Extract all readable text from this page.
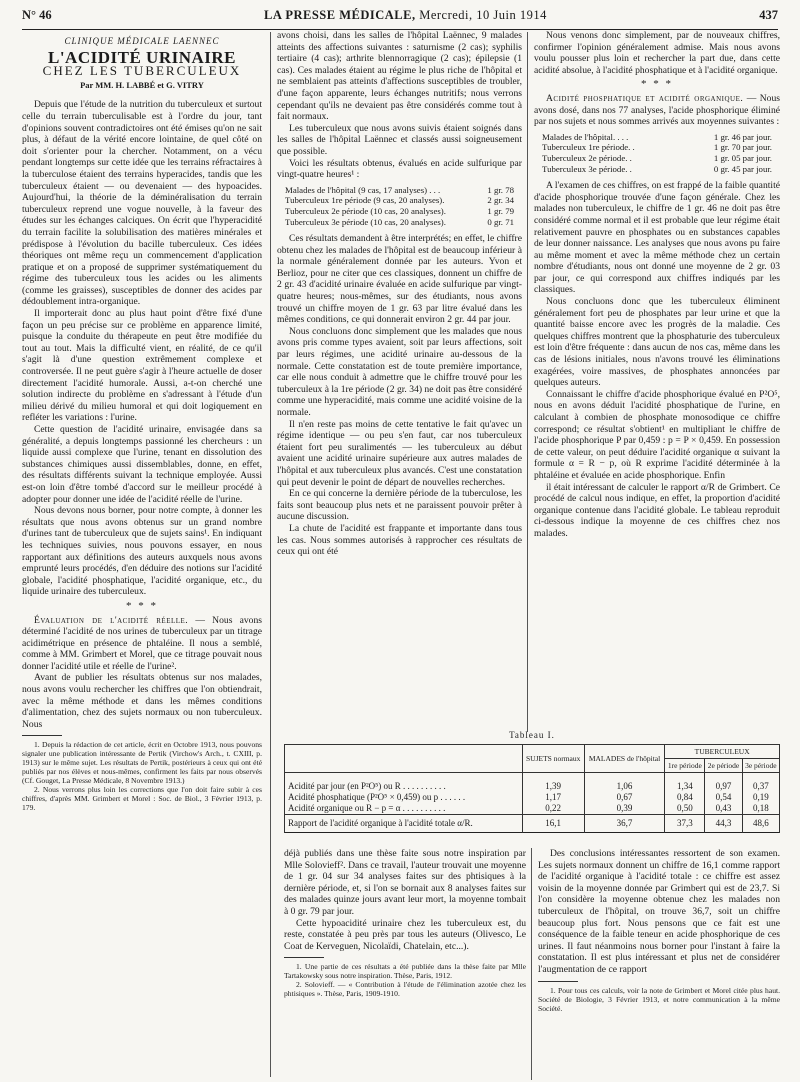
N° 46	LA PRESSE MÉDICALE, Mercredi, 10 Juin 1914	437
CLINIQUE MÉDICALE LAENNEC
L'ACIDITÉ URINAIRE
CHEZ LES TUBERCULEUX
Par MM. H. LABBÉ et G. VITRY

Depuis que l'étude de la nutrition du tuberculeux et surtout celle du terrain tuberculisable est à l'ordre du jour, tant d'opinions souvent contradictoires ont été émises qu'on ne sait plus, à défaut de la vérité encore lointaine, de quel côté on doit s'orienter pour la chercher. Notamment, on a vécu pendant longtemps sur cette idée que les terrains réfractaires à la tuberculose étaient des terrains hyperacides, tandis que les tuberculeux étaient — ou devenaient — des hypoacides. Aujourd'hui, la théorie de la déminéralisation du terrain tuberculeux reprend une vogue nouvelle, à la faveur des études sur les échanges calciques. On écrit que l'hyperacidité du terrain facilite la solubilisation des matières minérales et prédispose à l'évolution du bacille tuberculeux. Ces idées théoriques ont même reçu un commencement d'application pratique et on a proposé de supprimer systématiquement du régime des tuberculeux tous les acides ou les aliments (comme les graisses), susceptibles de donner des acides par dédoublement intra-organique.

Il importerait donc au plus haut point d'être fixé d'une façon un peu précise sur ce problème en apparence limité, puisque la conduite du thérapeute en peut être modifiée du tout au tout. Mais la difficulté vient, en réalité, de ce qu'il s'agit là d'une question extrêmement complexe et controversée. Il ne peut guère s'agir à l'heure actuelle de doser directement l'acidité humorale. Aussi, a-t-on cherché une solution indirecte du problème en s'adressant à l'étude d'un milieu dérivé du milieu humoral et qui doit logiquement en refléter les variations : l'urine.

Cette question de l'acidité urinaire, envisagée dans sa généralité, a depuis longtemps passionné les chercheurs : un liquide aussi complexe que l'urine, tenant en dissolution des substances chimiques aussi dissemblables, donne, en effet, des résultats différents suivant la technique employée. Aussi est-on loin d'être tombé d'accord sur le meilleur procédé à adopter pour donner une idée de l'acidité réelle de l'urine.

Nous devons nous borner, pour notre compte, à donner les résultats que nous avons obtenus sur un grand nombre d'urines tant de tuberculeux que de sujets sains¹. En indiquant les techniques suivies, nous pouvons essayer, en nous rapportant aux définitions des auteurs auxquels nous avons emprunté leurs procédés, d'en déduire des notions sur l'acidité globale, l'acidité phosphatique, l'acidité organique, etc., du liquide urinaire des tuberculeux.

* * *

Évaluation de l'acidité réelle. — Nous avons déterminé l'acidité de nos urines de tuberculeux par un titrage acidimétrique en présence de phtaléine. Il nous a semblé, comme à MM. Grimbert et Morel, que ce titrage pouvait nous donner l'acidité utile et réelle de l'urine².

Avant de publier les résultats obtenus sur nos malades, nous avons voulu rechercher les chiffres que l'on obtiendrait, avec la même méthode et dans les mêmes conditions d'alimentation, chez des sujets normaux ou non tuberculeux. Nous

1. Depuis la rédaction de cet article, écrit en Octobre 1913, nous pouvons signaler une publication intéressante de Pertik (Virchow's Arch., t. CXIII, p. 1913) sur le même sujet. Les résultats de Pertik, postérieurs à ceux qui ont été publiés par nos élèves et nous-mêmes, confirment les faits par nous observés (Cf. Gouget, La Presse Médicale, 8 Novembre 1913.)

2. Nous verrons plus loin les corrections que l'on doit faire subir à ces chiffres, d'après MM. Grimbert et Morel : Soc. de Biol., 3 Février 1913, p. 179.

avons choisi, dans les salles de l'hôpital Laënnec, 9 malades atteints des affections suivantes : saturnisme (2 cas); syphilis tertiaire (4 cas); arthrite blennorragique (2 cas); épilepsie (1 cas). Ces malades étaient au régime le plus riche de l'hôpital et ne semblaient pas atteints d'affections susceptibles de troubler, d'une façon apparente, leurs échanges nutritifs; nous verrons cependant qu'ils ne devaient pas être considérés comme tout à fait normaux.

Les tuberculeux que nous avons suivis étaient soignés dans les salles de l'hôpital Laënnec et classés aussi soigneusement que possible.

Voici les résultats obtenus, évalués en acide sulfurique par vingt-quatre heures¹ :

Malades de l'hôpital (9 cas, 17 analyses) . . .	1 gr. 78
Tuberculeux 1re période (9 cas, 20 analyses).	2 gr. 34
Tuberculeux 2e période (10 cas, 20 analyses).	1 gr. 79
Tuberculeux 3e période (10 cas, 20 analyses).	0 gr. 71

Ces résultats demandent à être interprétés; en effet, le chiffre obtenu chez les malades de l'hôpital est de beaucoup inférieur à la normale généralement donnée par les auteurs. Yvon et Berlioz, pour ne citer que ces classiques, donnent un chiffre de 2 gr. 43 d'acidité urinaire évaluée en acide sulfurique par vingt-quatre heures; nous-mêmes, sur des étudiants, nous avons trouvé un chiffre moyen de 1 gr. 63 par litre évalué dans les mêmes conditions, ce qui donnerait environ 2 gr. 44 par jour.

Nous concluons donc simplement que les malades que nous avons pris comme types avaient, soit par leurs affections, soit par leurs régimes, une acidité urinaire au-dessous de la normale. Cette constatation est de toute première importance, car elle nous conduit à admettre que le chiffre trouvé pour les tuberculeux à la 1re période (2 gr. 34) ne doit pas être considéré comme une hyperacidité, mais comme une acidité voisine de la normale.

Il n'en reste pas moins de cette tentative le fait qu'avec un régime identique — ou peu s'en faut, car nos tuberculeux étaient fort peu suralimentés — les tuberculeux au début avaient une acidité urinaire supérieure aux autres malades de l'hôpital et aux tuberculeux plus avancés. C'est une constatation qui peut devenir le point de départ de nouvelles recherches.

En ce qui concerne la dernière période de la tuberculose, les faits sont beaucoup plus nets et ne paraissent pouvoir prêter à aucune discussion.

La chute de l'acidité est frappante et importante dans tous les cas. Nous sommes autorisés à rapprocher ces résultats de ceux qui ont été

Nous venons donc simplement, par de nouveaux chiffres, confirmer l'opinion généralement admise. Mais nous avons voulu pousser plus loin et rechercher la part due, dans cette acidité absolue, à l'acidité phosphatique et à l'acidité organique.

* * *

Acidité phosphatique et acidité organique. — Nous avons dosé, dans nos 77 analyses, l'acide phosphorique éliminé par nos sujets et nous sommes arrivés aux moyennes suivantes :

Malades de l'hôpital. . . .	1 gr. 46 par jour.
Tuberculeux 1re période. .	1 gr. 70 par jour.
Tuberculeux 2e période. .	1 gr. 05 par jour.
Tuberculeux 3e période. .	0 gr. 45 par jour.

A l'examen de ces chiffres, on est frappé de la faible quantité d'acide phosphorique trouvée d'une façon générale. Chez les malades non tuberculeux, le chiffre de 1 gr. 46 ne doit pas être considéré comme normal et il est probable que leur régime était relativement pauvre en phosphates ou en substances capables de leur donner naissance. Les analyses que nous avons pu faire au même moment et avec la même méthode chez un certain nombre d'étudiants, nous ont donné une moyenne de 2 gr. 03 par jour, ce qui correspond aux chiffres indiqués par les classiques.

Nous concluons donc que les tuberculeux éliminent généralement fort peu de phosphates par leur urine et que la quantité baisse encore avec les progrès de la maladie. Ces quelques chiffres montrent que la phosphaturie des tuberculeux est loin d'être fréquente : dans aucun de nos cas, même dans les cas de lésions initiales, nous n'avons trouvé les éliminations exagérées, voire massives, de phosphates annoncées par quelques auteurs.

Connaissant le chiffre d'acide phosphorique évalué en P²O⁵, nous en avons déduit l'acidité phosphatique de l'urine, en calculant à combien de phosphate monosodique ce chiffre correspond; ce résultat s'obtient¹ en multipliant le chiffre de l'acide phosphorique P par 0,459 : p = P × 0,459. En possession de cette valeur, on peut déduire l'acidité organique α suivant la formule α = R − p, où R exprime l'acidité déterminée à la phtaléine et évaluée en acide phosphorique. Enfin

il était intéressant de calculer le rapport α/R de Grimbert. Ce procédé de calcul nous indique, en effet, la proportion d'acidité organique contenue dans l'acidité globale. Le tableau reproduit ci-dessous indique la moyenne de ces chiffres chez nos malades.

Tableau I.
	SUJETS normaux	MALADES de l'hôpital	TUBERCULEUX		
			1re période	2e période	3e période

Acidité par jour (en P²O⁵) ou R . . . . . . . . . .	1,39	1,06	1,34	0,97	0,37
Acidité phosphatique (P²O⁵ × 0,459) ou p . . . . . .	1,17	0,67	0,84	0,54	0,19
Acidité organique ou R − p = α . . . . . . . . . .	0,22	0,39	0,50	0,43	0,18
Rapport de l'acidité organique à l'acidité totale α/R.	16,1	36,7	37,3	44,3	48,6

déjà publiés dans une thèse faite sous notre inspiration par Mlle Solovieff². Dans ce travail, l'auteur trouvait une moyenne de 1 gr. 04 sur 34 analyses faites sur des phtisiques à la dernière période, et, si l'on se bornait aux 8 analyses faites sur des malades quinze jours avant leur mort, la moyenne tombait à 0 gr. 79 par jour.

Cette hypoacidité urinaire chez les tuberculeux est, du reste, constatée à peu près par tous les auteurs (Olivesco, Le Coat de Kerveguen, Nicolaïdi, Chatelain, etc...).

1. Une partie de ces résultats a été publiée dans la thèse faite par Mlle Tartakowsky sous notre inspiration. Thèse, Paris, 1912.

2. Solovieff. — « Contribution à l'étude de l'élimination azotée chez les phtisiques ». Thèse, Paris, 1909-1910.

Des conclusions intéressantes ressortent de son examen. Les sujets normaux donnent un chiffre de 16,1 comme rapport de l'acidité organique à l'acidité totale : ce chiffre est assez voisin de la moyenne donnée par Grimbert qui est de 23,7. Si l'on considère la moyenne obtenue chez les malades non tuberculeux de l'hôpital, on trouve 36,7, soit un chiffre beaucoup plus fort. Nous pensons que ce fait est une conséquence de la faible teneur en acide phosphorique de ces urines. Il faut néanmoins nous borner pour l'instant à faire la constatation. Il est plus intéressant et plus net de considérer l'augmentation de ce rapport

1. Pour tous ces calculs, voir la note de Grimbert et Morel citée plus haut. Société de Biologie, 3 Février 1913, et notre communication à la même Société.
